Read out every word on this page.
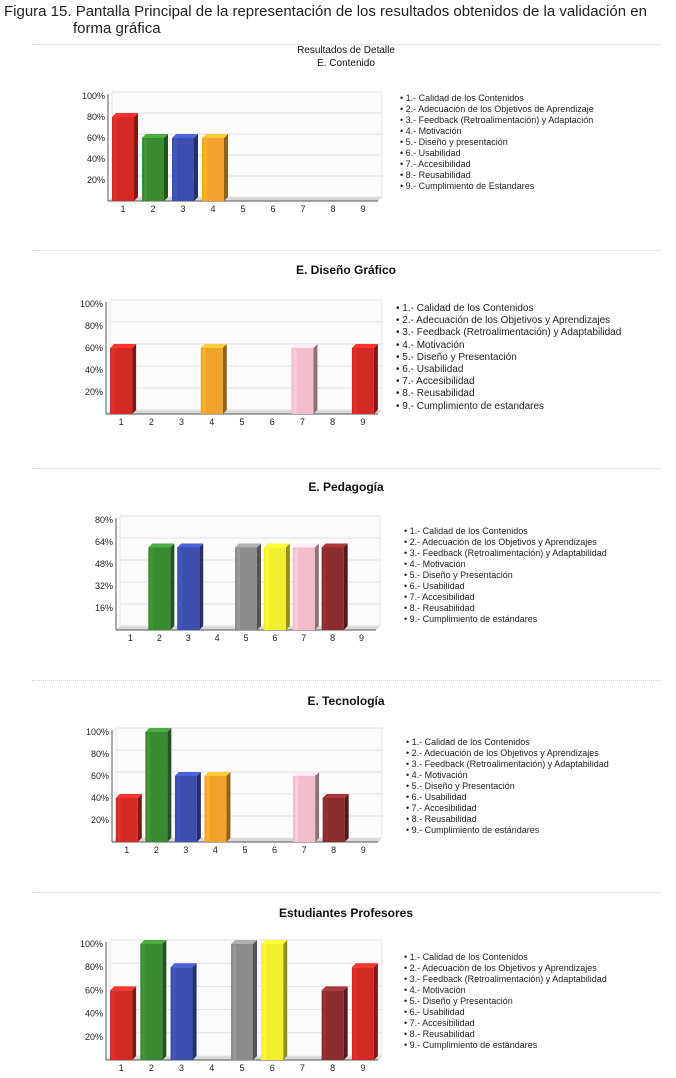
Figura 15. Pantalla Principal de la representación de los resultados obtenidos de la validación en
forma gráfica
Resultados de Detalle
E. Contenido
100%
80%
60%
40%
20%
1	2	3	4	5	6	7	8	9
• 1.- Calidad de los Contenidos
• 2.- Adecuación de los Objetivos de Aprendizaje
• 3.- Feedback (Retroalimentación) y Adaptación
• 4.- Motivación
• 5.- Diseño y presentación
• 6.- Usabilidad
• 7.- Accesibilidad
• 8.- Reusabilidad
• 9.- Cumplimiento de Estandares
E. Diseño Gráfico
100%
80%
60%
40%
20%
1	2	3	4	5	6	7	8	9
• 1.- Calidad de los Contenidos
• 2.- Adecuación de los Objetivos y Aprendizajes
• 3.- Feedback (Retroalimentación) y Adaptabilidad
• 4.- Motivación
• 5.- Diseño y Presentación
• 6.- Usabilidad
• 7.- Accesibilidad
• 8.- Reusabilidad
• 9.- Cumplimiento de estandares
E. Pedagogía
80%
64%
48%
32%
16%
1	2	3	4	5	6	7	8	9
• 1.- Calidad de los Contenidos
• 2.- Adecuación de los Objetivos y Aprendizajes
• 3.- Feedback (Retroalimentación) y Adaptabilidad
• 4.- Motivación
• 5.- Diseño y Presentación
• 6.- Usabilidad
• 7.- Accesibilidad
• 8.- Reusabilidad
• 9.- Cumplimiento de estándares
E. Tecnología
100%
80%
60%
40%
20%
1	2	3	4	5	6	7	8	9
• 1.- Calidad de los Contenidos
• 2.- Adecuación de los Objetivos y Aprendizajes
• 3.- Feedback (Retroalimentación) y Adaptabilidad
• 4.- Motivación
• 5.- Diseño y Presentación
• 6.- Usabilidad
• 7.- Accesibilidad
• 8.- Reusabilidad
• 9.- Cumplimiento de estándares
Estudiantes Profesores
100%
80%
60%
40%
20%
1	2	3	4	5	6	7	8	9
• 1.- Calidad de los Contenidos
• 2.- Adecuación de los Objetivos y Aprendizajes
• 3.- Feedback (Retroalimentación) y Adaptabilidad
• 4.- Motivación
• 5.- Diseño y Presentación
• 6.- Usabilidad
• 7.- Accesibilidad
• 8.- Reusabilidad
• 9.- Cumplimiento de estándares
